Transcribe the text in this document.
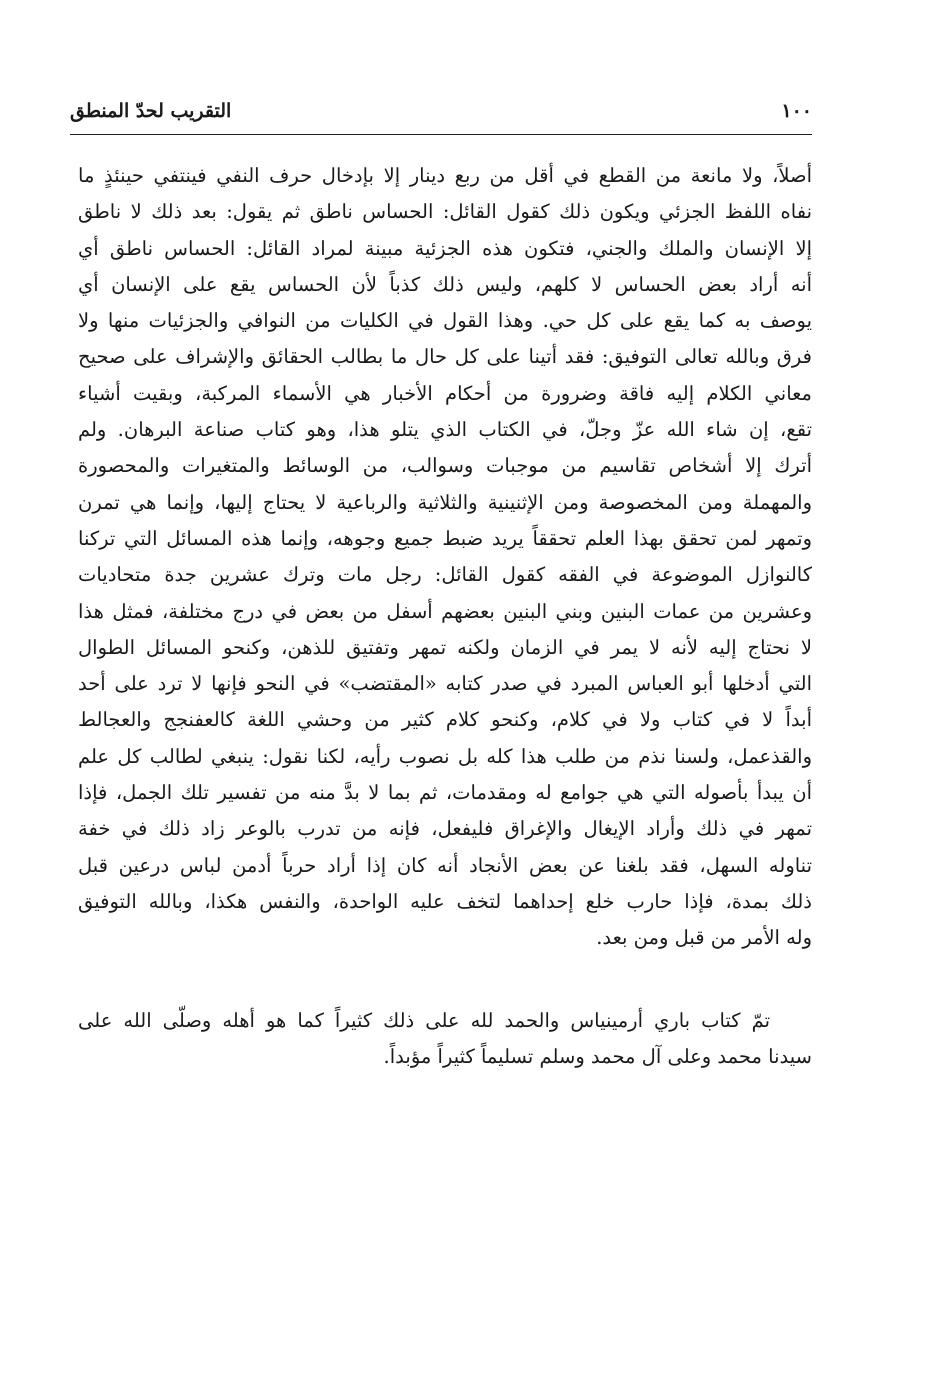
١٠٠
التقريب لحدّ المنطق
أصلاً، ولا مانعة من القطع في أقل من ربع دينار إلا بإدخال حرف النفي فينتفي حينئذٍ ما
نفاه اللفظ الجزئي ويكون ذلك كقول القائل: الحساس ناطق ثم يقول: بعد ذلك لا ناطق
إلا الإنسان والملك والجني، فتكون هذه الجزئية مبينة لمراد القائل: الحساس ناطق أي
أنه أراد بعض الحساس لا كلهم، وليس ذلك كذباً لأن الحساس يقع على الإنسان أي
يوصف به كما يقع على كل حي. وهذا القول في الكليات من النوافي والجزئيات منها ولا
فرق وبالله تعالى التوفيق: فقد أتينا على كل حال ما بطالب الحقائق والإشراف على صحيح
معاني الكلام إليه فاقة وضرورة من أحكام الأخبار هي الأسماء المركبة، وبقيت أشياء
تقع، إن شاء الله عزّ وجلّ، في الكتاب الذي يتلو هذا، وهو كتاب صناعة البرهان. ولم
أترك إلا أشخاص تقاسيم من موجبات وسوالب، من الوسائط والمتغيرات والمحصورة
والمهملة ومن المخصوصة ومن الإثنينية والثلاثية والرباعية لا يحتاج إليها، وإنما هي تمرن
وتمهر لمن تحقق بهذا العلم تحققاً يريد ضبط جميع وجوهه، وإنما هذه المسائل التي تركنا
كالنوازل الموضوعة في الفقه كقول القائل: رجل مات وترك عشرين جدة متحاديات
وعشرين من عمات البنين وبني البنين بعضهم أسفل من بعض في درج مختلفة، فمثل هذا
لا نحتاج إليه لأنه لا يمر في الزمان ولكنه تمهر وتفتيق للذهن، وكنحو المسائل الطوال
التي أدخلها أبو العباس المبرد في صدر كتابه «المقتضب» في النحو فإنها لا ترد على أحد
أبداً لا في كتاب ولا في كلام، وكنحو كلام كثير من وحشي اللغة كالعفنجج والعجالط
والقذعمل، ولسنا نذم من طلب هذا كله بل نصوب رأيه، لكنا نقول: ينبغي لطالب كل علم
أن يبدأ بأصوله التي هي جوامع له ومقدمات، ثم بما لا بدَّ منه من تفسير تلك الجمل، فإذا
تمهر في ذلك وأراد الإيغال والإغراق فليفعل، فإنه من تدرب بالوعر زاد ذلك في خفة
تناوله السهل، فقد بلغنا عن بعض الأنجاد أنه كان إذا أراد حرباً أدمن لباس درعين قبل
ذلك بمدة، فإذا حارب خلع إحداهما لتخف عليه الواحدة، والنفس هكذا، وبالله التوفيق
وله الأمر من قبل ومن بعد.
تمّ كتاب باري أرمينياس والحمد لله على ذلك كثيراً كما هو أهله وصلّى الله على
سيدنا محمد وعلى آل محمد وسلم تسليماً كثيراً مؤبداً.
